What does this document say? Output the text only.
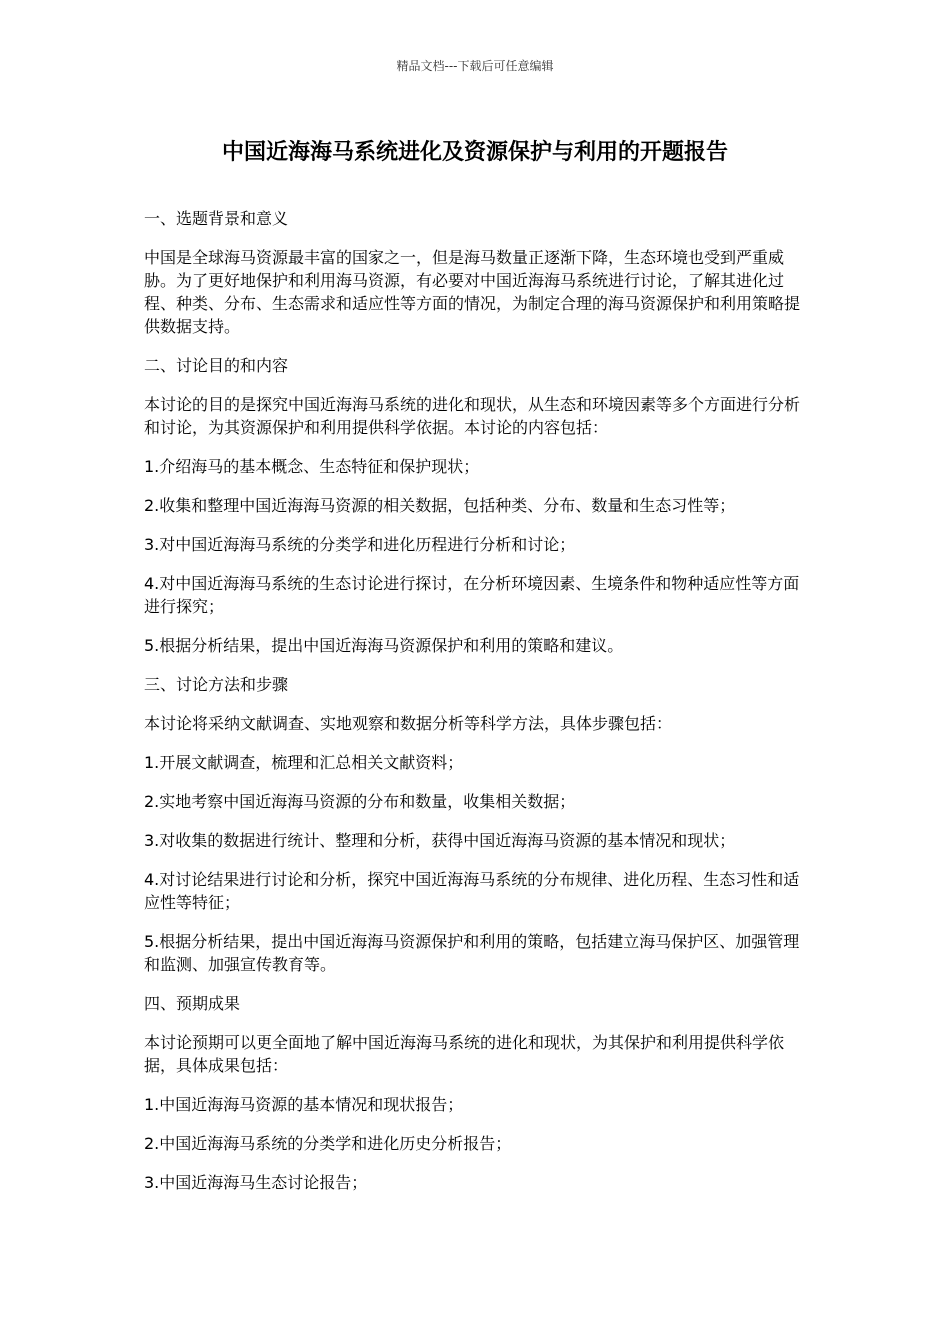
精品文档---下载后可任意编辑
中国近海海马系统进化及资源保护与利用的开题报告

一、选题背景和意义

中国是全球海马资源最丰富的国家之一，但是海马数量正逐渐下降，生态环境也受到严重威胁。为了更好地保护和利用海马资源，有必要对中国近海海马系统进行讨论，了解其进化过程、种类、分布、生态需求和适应性等方面的情况，为制定合理的海马资源保护和利用策略提供数据支持。

二、讨论目的和内容

本讨论的目的是探究中国近海海马系统的进化和现状，从生态和环境因素等多个方面进行分析和讨论，为其资源保护和利用提供科学依据。本讨论的内容包括：

1.介绍海马的基本概念、生态特征和保护现状；

2.收集和整理中国近海海马资源的相关数据，包括种类、分布、数量和生态习性等；

3.对中国近海海马系统的分类学和进化历程进行分析和讨论；

4.对中国近海海马系统的生态讨论进行探讨，在分析环境因素、生境条件和物种适应性等方面进行探究；

5.根据分析结果，提出中国近海海马资源保护和利用的策略和建议。

三、讨论方法和步骤

本讨论将采纳文献调查、实地观察和数据分析等科学方法，具体步骤包括：

1.开展文献调查，梳理和汇总相关文献资料；

2.实地考察中国近海海马资源的分布和数量，收集相关数据；

3.对收集的数据进行统计、整理和分析，获得中国近海海马资源的基本情况和现状；

4.对讨论结果进行讨论和分析，探究中国近海海马系统的分布规律、进化历程、生态习性和适应性等特征；

5.根据分析结果，提出中国近海海马资源保护和利用的策略，包括建立海马保护区、加强管理和监测、加强宣传教育等。

四、预期成果

本讨论预期可以更全面地了解中国近海海马系统的进化和现状，为其保护和利用提供科学依据，具体成果包括：

1.中国近海海马资源的基本情况和现状报告；

2.中国近海海马系统的分类学和进化历史分析报告；

3.中国近海海马生态讨论报告；
